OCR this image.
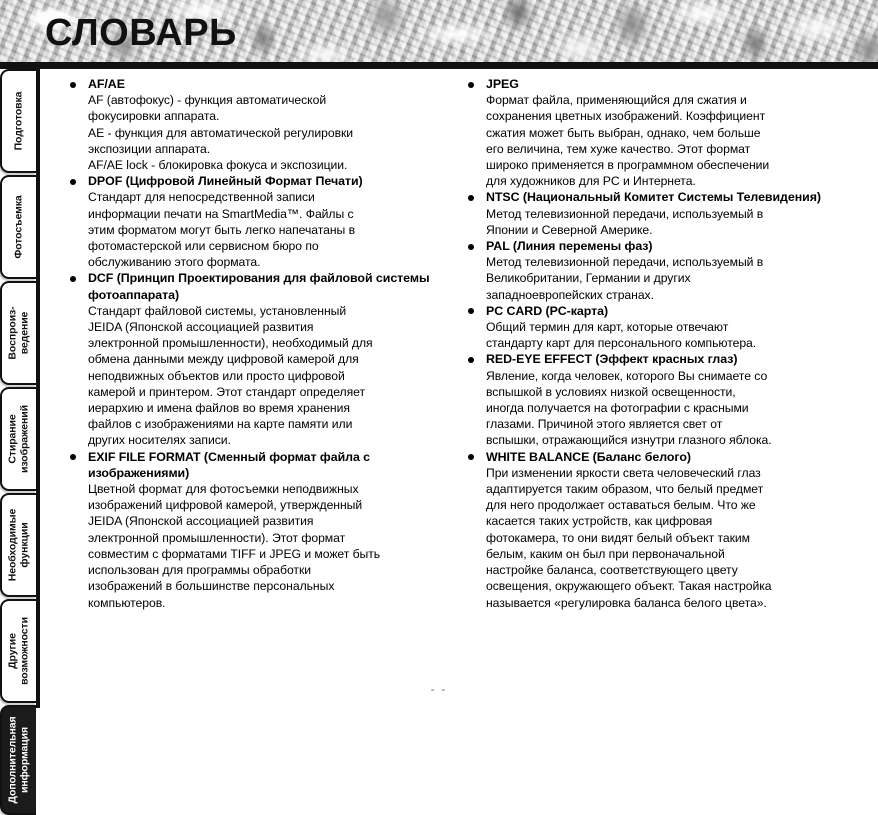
СЛОВАРЬ
Подготовка
Фотосъемка
Воспроиз-
ведение
Стирание
изображений
Необходимые
функции
Другие
возможности
Дополнительная
информация
AF/AE
AF (автофокус) - функция автоматической
фокусировки аппарата.
AE - функция для автоматической регулировки
экспозиции аппарата.
AF/AE lock - блокировка фокуса и экспозиции.
DPOF (Цифровой Линейный Формат Печати)
Стандарт для непосредственной записи
информации печати на SmartMedia™. Файлы с
этим форматом могут быть легко напечатаны в
фотомастерской или сервисном бюро по
обслуживанию этого формата.
DCF (Принцип Проектирования для файловой системы фотоаппарата)
Стандарт файловой системы, установленный
JEIDA (Японской ассоциацией развития
электронной промышленности), необходимый для
обмена данными между цифровой камерой для
неподвижных объектов или просто цифровой
камерой и принтером. Этот стандарт определяет
иерархию и имена файлов во время хранения
файлов с изображениями на карте памяти или
других носителях записи.
EXIF FILE FORMAT (Сменный формат файла с изображениями)
Цветной формат для фотосъемки неподвижных
изображений цифровой камерой, утвержденный
JEIDA (Японской ассоциацией развития
электронной промышленности). Этот формат
совместим с форматами TIFF и JPEG и может быть
использован для программы обработки
изображений в большинстве персональных
компьютеров.
JPEG
Формат файла, применяющийся для сжатия и
сохранения цветных изображений. Коэффициент
сжатия может быть выбран, однако, чем больше
его величина, тем хуже качество. Этот формат
широко применяется в программном обеспечении
для художников для PC и Интернета.
NTSC (Национальный Комитет Системы Телевидения)
Метод телевизионной передачи, используемый в
Японии и Северной Америке.
PAL (Линия перемены фаз)
Метод телевизионной передачи, используемый в
Великобритании, Германии и других
западноевропейских странах.
PC CARD (PC-карта)
Общий термин для карт, которые отвечают
стандарту карт для персонального компьютера.
RED-EYE EFFECT (Эффект красных глаз)
Явление, когда человек, которого Вы снимаете со
вспышкой в условиях низкой освещенности,
иногда получается на фотографии с красными
глазами. Причиной этого является свет от
вспышки, отражающийся изнутри глазного яблока.
WHITE BALANCE (Баланс белого)
При изменении яркости света человеческий глаз
адаптируется таким образом, что белый предмет
для него продолжает оставаться белым. Что же
касается таких устройств, как цифровая
фотокамера, то они видят белый объект таким
белым, каким он был при первоначальной
настройке баланса, соответствующего цвету
освещения, окружающего объект. Такая настройка
называется «регулировка баланса белого цвета».
- -
